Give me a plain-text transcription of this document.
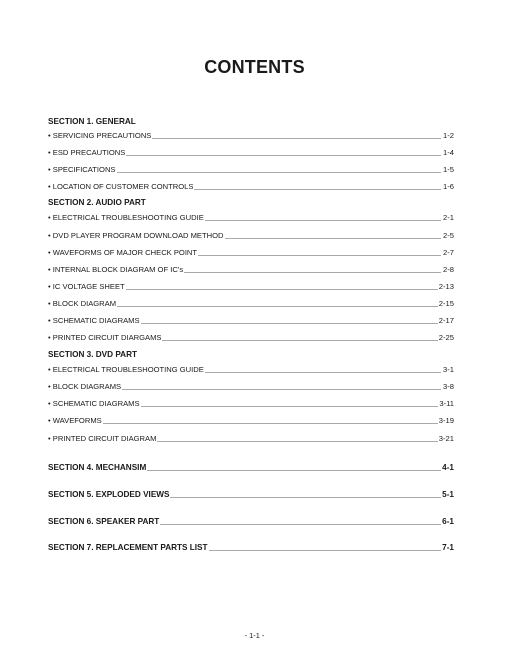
CONTENTS
SECTION 1. GENERAL
• SERVICING PRECAUTIONS	1-2
• ESD PRECAUTIONS	1-4
• SPECIFICATIONS	1-5
• LOCATION OF CUSTOMER CONTROLS	1-6
SECTION 2. AUDIO PART
• ELECTRICAL TROUBLESHOOTING GUDIE	2-1
• DVD PLAYER PROGRAM DOWNLOAD METHOD	2-5
• WAVEFORMS OF MAJOR CHECK POINT	2-7
• INTERNAL BLOCK DIAGRAM OF IC’s	2-8
• IC VOLTAGE SHEET	2-13
• BLOCK DIAGRAM	2-15
• SCHEMATIC DIAGRAMS	2-17
• PRINTED CIRCUIT DIARGAMS	2-25
SECTION 3. DVD PART
• ELECTRICAL TROUBLESHOOTING GUIDE	3-1
• BLOCK DIAGRAMS	3-8
• SCHEMATIC DIAGRAMS	3-11
• WAVEFORMS	3-19
• PRINTED CIRCUIT DIAGRAM	3-21
SECTION 4. MECHANSIM	4-1
SECTION 5. EXPLODED VIEWS	5-1
SECTION 6. SPEAKER PART	6-1
SECTION 7. REPLACEMENT PARTS LIST	7-1
- 1-1 -
